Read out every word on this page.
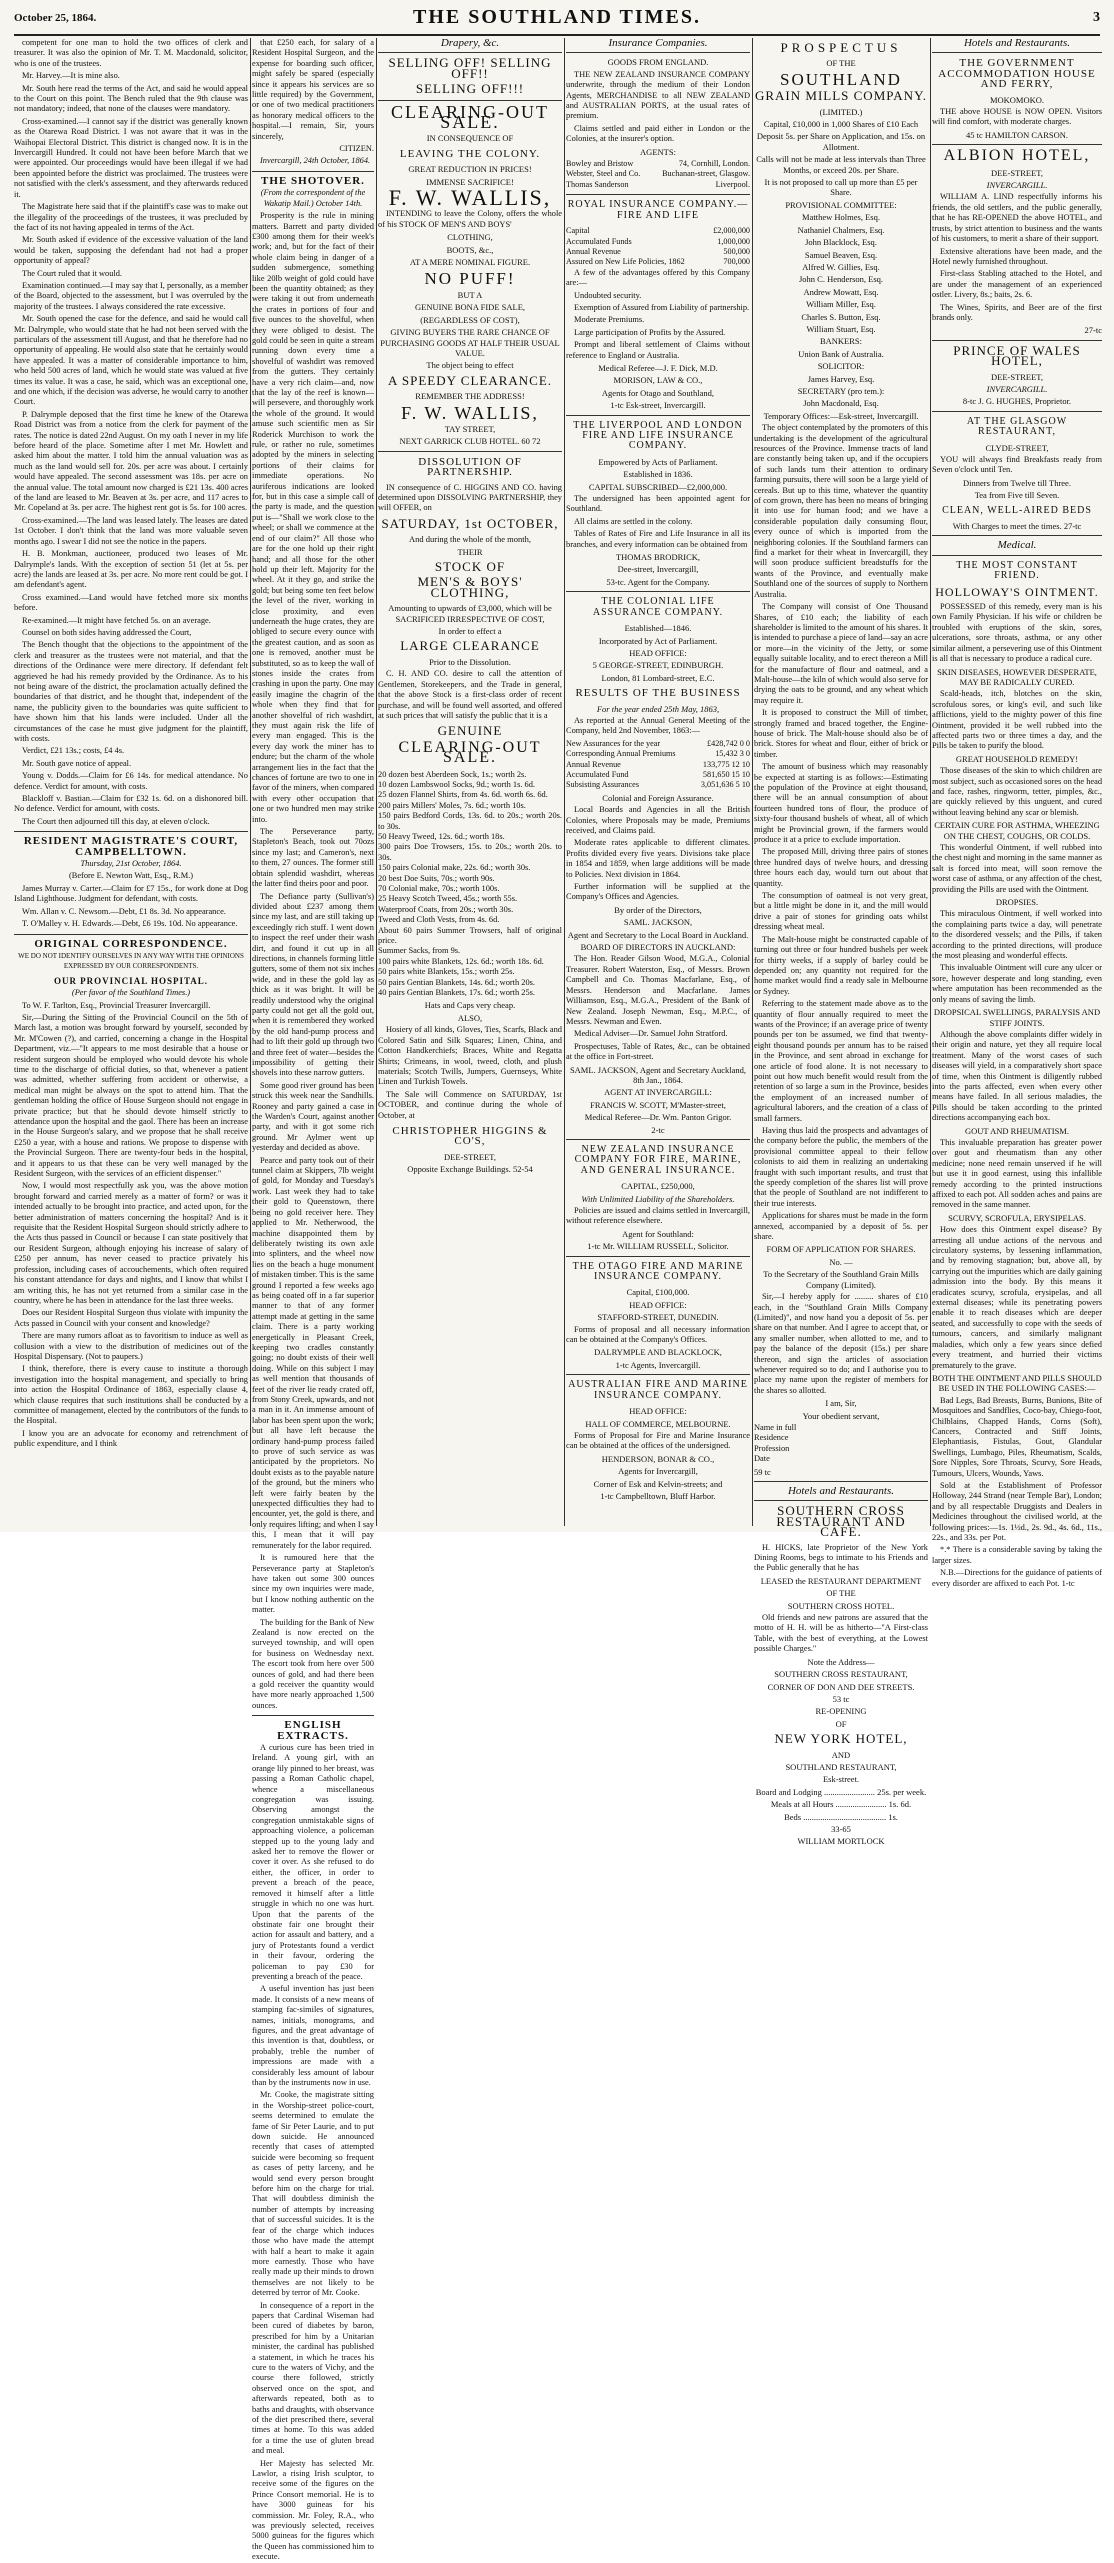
October 25, 1864.	THE SOUTHLAND TIMES.	3

competent for one man to hold the two offices of clerk and treasurer. It was also the opinion of Mr. T. M. Macdonald, solicitor, who is one of the trustees.

Mr. Harvey.—It is mine also.

Mr. South here read the terms of the Act, and said he would appeal to the Court on this point. The Bench ruled that the 9th clause was not mandatory; indeed, that none of the clauses were mandatory.

Cross-examined.—I cannot say if the district was generally known as the Otarewa Road District. I was not aware that it was in the Waihopai Electoral District. This district is changed now. It is in the Invercargill Hundred. It could not have been before March that we were appointed. Our proceedings would have been illegal if we had been appointed before the district was proclaimed. The trustees were not satisfied with the clerk's assessment, and they afterwards reduced it.

The Magistrate here said that if the plaintiff's case was to make out the illegality of the proceedings of the trustees, it was precluded by the fact of its not having appealed in terms of the Act.

Mr. South asked if evidence of the excessive valuation of the land would be taken, supposing the defendant had not had a proper opportunity of appeal?

The Court ruled that it would.

Examination continued.—I may say that I, personally, as a member of the Board, objected to the assessment, but I was overruled by the majority of the trustees. I always considered the rate excessive.

Mr. South opened the case for the defence, and said he would call Mr. Dalrymple, who would state that he had not been served with the particulars of the assessment till August, and that he therefore had no opportunity of appealing. He would also state that he certainly would have appealed. It was a matter of considerable importance to him, who held 500 acres of land, which he would state was valued at five times its value. It was a case, he said, which was an exceptional one, and one which, if the decision was adverse, he would carry to another Court.

P. Dalrymple deposed that the first time he knew of the Otarewa Road District was from a notice from the clerk for payment of the rates. The notice is dated 22nd August. On my oath I never in my life before heard of the place. Sometime after I met Mr. Howlett and asked him about the matter. I told him the annual valuation was as much as the land would sell for. 20s. per acre was about. I certainly would have appealed. The second assessment was 18s. per acre on the annual value. The total amount now charged is £21 13s. 400 acres of the land are leased to Mr. Beaven at 3s. per acre, and 117 acres to Mr. Copeland at 3s. per acre. The highest rent got is 5s. for 100 acres.

Cross-examined.—The land was leased lately. The leases are dated 1st October. I don't think that the land was more valuable seven months ago. I swear I did not see the notice in the papers.

H. B. Monkman, auctioneer, produced two leases of Mr. Dalrymple's lands. With the exception of section 51 (let at 5s. per acre) the lands are leased at 3s. per acre. No more rent could be got. I am defendant's agent.

Cross examined.—Land would have fetched more six months before.

Re-examined.—It might have fetched 5s. on an average.

Counsel on both sides having addressed the Court,

The Bench thought that the objections to the appointment of the clerk and treasurer as the trustees were not material, and that the directions of the Ordinance were mere directory. If defendant felt aggrieved he had his remedy provided by the Ordinance. As to his not being aware of the district, the proclamation actually defined the boundaries of that district, and he thought that, independent of the name, the publicity given to the boundaries was quite sufficient to have shown him that his lands were included. Under all the circumstances of the case he must give judgment for the plaintiff, with costs.

Verdict, £21 13s.; costs, £4 4s.

Mr. South gave notice of appeal.

Young v. Dodds.—Claim for £6 14s. for medical attendance. No defence. Verdict for amount, with costs.

Blackloff v. Bastian.—Claim for £32 1s. 6d. on a dishonored bill. No defence. Verdict for amount, with costs.

The Court then adjourned till this day, at eleven o'clock.

RESIDENT MAGISTRATE'S COURT, CAMPBELLTOWN.
Thursday, 21st October, 1864.
(Before E. Newton Watt, Esq., R.M.)

James Murray v. Carter.—Claim for £7 15s., for work done at Dog Island Lighthouse. Judgment for defendant, with costs.

Wm. Allan v. C. Newsom.—Debt, £1 8s. 3d. No appearance.

T. O'Malley v. H. Edwards.—Debt, £6 19s. 10d. No appearance.

ORIGINAL CORRESPONDENCE.
WE DO NOT IDENTIFY OURSELVES IN ANY WAY WITH THE OPINIONS EXPRESSED BY OUR CORRESPONDENTS.
OUR PROVINCIAL HOSPITAL.
(Per favor of the Southland Times.)

To W. F. Tarlton, Esq., Provincial Treasurer Invercargill.

Sir,—During the Sitting of the Provincial Council on the 5th of March last, a motion was brought forward by yourself, seconded by Mr. M'Cowen (?), and carried, concerning a change in the Hospital Department, viz.—"It appears to me most desirable that a house or resident surgeon should be employed who would devote his whole time to the discharge of official duties, so that, whenever a patient was admitted, whether suffering from accident or otherwise, a medical man might be always on the spot to attend him. That the gentleman holding the office of House Surgeon should not engage in private practice; but that he should devote himself strictly to attendance upon the hospital and the gaol. There has been an increase in the House Surgeon's salary, and we propose that he shall receive £250 a year, with a house and rations. We propose to dispense with the Provincial Surgeon. There are twenty-four beds in the hospital, and it appears to us that these can be very well managed by the Resident Surgeon, with the services of an efficient dispenser."

Now, I would most respectfully ask you, was the above motion brought forward and carried merely as a matter of form? or was it intended actually to be brought into practice, and acted upon, for the better administration of matters concerning the hospital? And is it requisite that the Resident Hospital Surgeon should strictly adhere to the Acts thus passed in Council or because I can state positively that our Resident Surgeon, although enjoying his increase of salary of £250 per annum, has never ceased to practice privately his profession, including cases of accouchements, which often required his constant attendance for days and nights, and I know that whilst I am writing this, he has not yet returned from a similar case in the country, where he has been in attendance for the last three weeks.

Does our Resident Hospital Surgeon thus violate with impunity the Acts passed in Council with your consent and knowledge?

There are many rumors afloat as to favoritism to induce as well as collusion with a view to the distribution of medicines out of the Hospital Dispensary. (Not to paupers.)

I think, therefore, there is every cause to institute a thorough investigation into the hospital management, and specially to bring into action the Hospital Ordinance of 1863, especially clause 4, which clause requires that such institutions shall be conducted by a committee of management, elected by the contributors of the funds to the Hospital.

I know you are an advocate for economy and retrenchment of public expenditure, and I think

that £250 each, for salary of a Resident Hospital Surgeon, and the expense for boarding such officer, might safely be spared (especially since it appears his services are so little required) by the Government, or one of two medical practitioners as honorary medical officers to the hospital.—I remain, Sir, yours sincerely,

CITIZEN.

Invercargill, 24th October, 1864.

THE SHOTOVER.
(From the correspondent of the Wakatip Mail.) October 14th.

Prosperity is the rule in mining matters. Barrett and party divided £300 among them for their week's work; and, but for the fact of their whole claim being in danger of a sudden submergence, something like 20lb weight of gold could have been the quantity obtained; as they were taking it out from underneath the crates in portions of four and five ounces to the shovelful, when they were obliged to desist. The gold could be seen in quite a stream running down every time a shovelful of washdirt was removed from the gutters. They certainly have a very rich claim—and, now that the lay of the reef is known—will persevere, and thoroughly work the whole of the ground. It would amuse such scientific men as Sir Roderick Murchison to work the rule, or rather no rule, sometimes adopted by the miners in selecting portions of their claims for immediate operations. No auriferous indications are looked for, but in this case a simple call of the party is made, and the question put is—"Shall we work close to the wheel; or shall we commence at the end of our claim?" All those who are for the one hold up their right hand; and all those for the other hold up their left. Majority for the wheel. At it they go, and strike the gold; but being some ten feet below the level of the river, working in close proximity, and even underneath the huge crates, they are obliged to secure every ounce with the greatest caution, and as soon as one is removed, another must be substituted, so as to keep the wall of stones inside the crates from crashing in upon the party. One may easily imagine the chagrin of the whole when they find that for another shovelful of rich washdirt, they must again risk the life of every man engaged. This is the every day work the miner has to endure; but the charm of the whole arrangement lies in the fact that the chances of fortune are two to one in favor of the miners, when compared with every other occupation that one or two hundred men may strike into.

The Perseverance party, Stapleton's Beach, took out 70ozs since my last; and Cameron's, next to them, 27 ounces. The former still obtain splendid washdirt, whereas the latter find theirs poor and poor.

The Defiance party (Sullivan's) divided about £237 among them since my last, and are still taking up exceedingly rich stuff. I went down to inspect the reef under their wash dirt, and found it cut up in all directions, in channels forming little gutters, some of them not six inches wide, and in these the gold lay as thick as it was bright. It will be readily understood why the original party could not get all the gold out, when it is remembered they worked by the old hand-pump process and had to lift their gold up through two and three feet of water—besides the impossibility of getting their shovels into these narrow gutters.

Some good river ground has been struck this week near the Sandhills. Rooney and party gained a case in the Warden's Court, against another party, and with it got some rich ground. Mr Aylmer went up yesterday and decided as above.

Pearce and party took out of their tunnel claim at Skippers, 7lb weight of gold, for Monday and Tuesday's work. Last week they had to take their gold to Queenstown, there being no gold receiver here. They applied to Mr. Netherwood, the machine disappointed them by deliberately twisting its own axle into splinters, and the wheel now lies on the beach a huge monument of mistaken timber. This is the same ground I reported a few weeks ago as being coated off in a far superior manner to that of any former attempt made at getting in the same claim. There is a party working energetically in Pleasant Creek, keeping two cradles constantly going; no doubt exists of their well doing. While on this subject I may as well mention that thousands of feet of the river lie ready crated off, from Stony Creek, upwards, and not a man in it. An immense amount of labor has been spent upon the work; but all have left because the ordinary hand-pump process failed to prove of such service as was anticipated by the proprietors. No doubt exists as to the payable nature of the ground, but the miners who left were fairly beaten by the unexpected difficulties they had to encounter, yet, the gold is there, and only requires lifting; and when I say this, I mean that it will pay remunerately for the labor required.

It is rumoured here that the Perseverance party at Stapleton's have taken out some 300 ounces since my own inquiries were made, but I know nothing authentic on the matter.

The building for the Bank of New Zealand is now erected on the surveyed township, and will open for business on Wednesday next. The escort took from here over 500 ounces of gold, and had there been a gold receiver the quantity would have more nearly approached 1,500 ounces.

ENGLISH EXTRACTS.

A curious cure has been tried in Ireland. A young girl, with an orange lily pinned to her breast, was passing a Roman Catholic chapel, whence a miscellaneous congregation was issuing. Observing amongst the congregation unmistakable signs of approaching violence, a policeman stepped up to the young lady and asked her to remove the flower or cover it over. As she refused to do either, the officer, in order to prevent a breach of the peace, removed it himself after a little struggle in which no one was hurt. Upon that the parents of the obstinate fair one brought their action for assault and battery, and a jury of Protestants found a verdict in their favour, ordering the policeman to pay £30 for preventing a breach of the peace.

A useful invention has just been made. It consists of a new means of stamping fac-similes of signatures, names, initials, monograms, and figures, and the great advantage of this invention is that, doubtless, or probably, treble the number of impressions are made with a considerably less amount of labour than by the instruments now in use.

Mr. Cooke, the magistrate sitting in the Worship-street police-court, seems determined to emulate the fame of Sir Peter Laurie, and to put down suicide. He announced recently that cases of attempted suicide were becoming so frequent as cases of petty larceny, and he would send every person brought before him on the charge for trial. That will doubtless diminish the number of attempts by increasing that of successful suicides. It is the fear of the charge which induces those who have made the attempt with half a heart to make it again more earnestly. Those who have really made up their minds to drown themselves are not likely to be deterred by terror of Mr. Cooke.

In consequence of a report in the papers that Cardinal Wiseman had been cured of diabetes by baron, prescribed for him by a Unitarian minister, the cardinal has published a statement, in which he traces his cure to the waters of Vichy, and the course there followed, strictly observed once on the spot, and afterwards repeated, both as to baths and draughts, with observance of the diet prescribed there, several times at home. To this was added for a time the use of gluten bread and meal.

Her Majesty has selected Mr. Lawlor, a rising Irish sculptor, to receive some of the figures on the Prince Consort memorial. He is to have 3000 guineas for his commission. Mr. Foley, R.A., who was previously selected, receives 5000 guineas for the figures which the Queen has commissioned him to execute.

Drapery, &c.
SELLING OFF! SELLING OFF!!
SELLING OFF!!!
CLEARING-OUT SALE.
IN CONSEQUENCE OF
LEAVING THE COLONY.
GREAT REDUCTION IN PRICES!
IMMENSE SACRIFICE!
F. W. WALLIS,

INTENDING to leave the Colony, offers the whole of his STOCK OF MEN'S AND BOYS'

CLOTHING,
BOOTS, &c.,
AT A MERE NOMINAL FIGURE.
NO PUFF!
BUT A
GENUINE BONA FIDE SALE,
(REGARDLESS OF COST),
GIVING BUYERS THE RARE CHANCE OF PURCHASING GOODS AT HALF THEIR USUAL VALUE.
The object being to effect
A SPEEDY CLEARANCE.
REMEMBER THE ADDRESS!
F. W. WALLIS,
TAY STREET,
NEXT GARRICK CLUB HOTEL. 60 72
DISSOLUTION OF PARTNERSHIP.

IN consequence of C. HIGGINS AND CO. having determined upon DISSOLVING PARTNERSHIP, they will OFFER, on

SATURDAY, 1st OCTOBER,
And during the whole of the month,
THEIR
STOCK OF
MEN'S & BOYS' CLOTHING,
Amounting to upwards of £3,000, which will be SACRIFICED IRRESPECTIVE OF COST,
In order to effect a
LARGE CLEARANCE
Prior to the Dissolution.

C. H. AND CO. desire to call the attention of Gentlemen, Storekeepers, and the Trade in general, that the above Stock is a first-class order of recent purchase, and will be found well assorted, and offered at such prices that will satisfy the public that it is a

GENUINE
CLEARING-OUT SALE.
20 dozen best Aberdeen Sock, 1s.; worth 2s.
10 dozen Lambswool Socks, 9d.; worth 1s. 6d.
25 dozen Flannel Shirts, from 4s. 6d. worth 6s. 6d.
200 pairs Millers' Moles, 7s. 6d.; worth 10s.
150 pairs Bedford Cords, 13s. 6d. to 20s.; worth 20s. to 30s.
50 Heavy Tweed, 12s. 6d.; worth 18s.
300 pairs Doe Trowsers, 15s. to 20s.; worth 20s. to 30s.
150 pairs Colonial make, 22s. 6d.; worth 30s.
20 best Doe Suits, 70s.; worth 90s.
70 Colonial make, 70s.; worth 100s.
25 Heavy Scotch Tweed, 45s.; worth 55s.
Waterproof Coats, from 20s.; worth 30s.
Tweed and Cloth Vests, from 4s. 6d.
About 60 pairs Summer Trowsers, half of original price.
Summer Sacks, from 9s.
100 pairs white Blankets, 12s. 6d.; worth 18s. 6d.
50 pairs white Blankets, 15s.; worth 25s.
50 pairs Gentian Blankets, 14s. 6d.; worth 20s.
40 pairs Gentian Blankets, 17s. 6d.; worth 25s.
Hats and Caps very cheap.
ALSO,

Hosiery of all kinds, Gloves, Ties, Scarfs, Black and Colored Satin and Silk Squares; Linen, China, and Cotton Handkerchiefs; Braces, White and Regatta Shirts; Crimeans, in wool, tweed, cloth, and plush materials; Scotch Twills, Jumpers, Guernseys, White Linen and Turkish Towels.

The Sale will Commence on SATURDAY, 1st OCTOBER, and continue during the whole of October, at

CHRISTOPHER HIGGINS & CO'S,
DEE-STREET,
Opposite Exchange Buildings. 52-54
Insurance Companies.
GOODS FROM ENGLAND.

THE NEW ZEALAND INSURANCE COMPANY underwrite, through the medium of their London Agents, MERCHANDISE to all NEW ZEALAND and AUSTRALIAN PORTS, at the usual rates of premium.

Claims settled and paid either in London or the Colonies, at the insurer's option.

AGENTS:
Bowley and Bristow	74, Cornhill, London.
Webster, Steel and Co.	Buchanan-street, Glasgow.
Thomas Sanderson	Liverpool.
ROYAL INSURANCE COMPANY.—FIRE AND LIFE
Capital	£2,000,000
Accumulated Funds	1,000,000
Annual Revenue	500,000
Assured on New Life Policies, 1862	700,000

A few of the advantages offered by this Company are:—

Undoubted security.

Exemption of Assured from Liability of partnership.

Moderate Premiums.

Large participation of Profits by the Assured.

Prompt and liberal settlement of Claims without reference to England or Australia.

Medical Referee—J. F. Dick, M.D.
MORISON, LAW & CO.,
Agents for Otago and Southland,
1-tc Esk-street, Invercargill.
THE LIVERPOOL AND LONDON FIRE AND LIFE INSURANCE COMPANY.
Empowered by Acts of Parliament.
Established in 1836.
CAPITAL SUBSCRIBED—£2,000,000.

The undersigned has been appointed agent for Southland.

All claims are settled in the colony.

Tables of Rates of Fire and Life Insurance in all its branches, and every information can be obtained from

THOMAS BRODRICK,
Dee-street, Invercargill,
53-tc. Agent for the Company.
THE COLONIAL LIFE ASSURANCE COMPANY.
Established—1846.
Incorporated by Act of Parliament.
HEAD OFFICE:
5 GEORGE-STREET, EDINBURGH.
London, 81 Lombard-street, E.C.
RESULTS OF THE BUSINESS
For the year ended 25th May, 1863,

As reported at the Annual General Meeting of the Company, held 2nd November, 1863:—

New Assurances for the year	£428,742 0 0
Corresponding Annual Premiums	15,432 3 0
Annual Revenue	133,775 12 10
Accumulated Fund	581,650 15 10
Subsisting Assurances	3,051,636 5 10
Colonial and Foreign Assurance.

Local Boards and Agencies in all the British Colonies, where Proposals may be made, Premiums received, and Claims paid.

Moderate rates applicable to different climates. Profits divided every five years. Divisions take place in 1854 and 1859, when large additions will be made to Policies. Next division in 1864.

Further information will be supplied at the Company's Offices and Agencies.

By order of the Directors,
SAML. JACKSON,
Agent and Secretary to the Local Board in Auckland.
BOARD OF DIRECTORS IN AUCKLAND:

The Hon. Reader Gilson Wood, M.G.A., Colonial Treasurer. Robert Waterston, Esq., of Messrs. Brown Campbell and Co. Thomas Macfarlane, Esq., of Messrs. Henderson and Macfarlane. James Williamson, Esq., M.G.A., President of the Bank of New Zealand. Joseph Newman, Esq., M.P.C., of Messrs. Newman and Ewen.

Medical Adviser—Dr. Samuel John Stratford.

Prospectuses, Table of Rates, &c., can be obtained at the office in Fort-street.

SAML. JACKSON, Agent and Secretary Auckland, 8th Jan., 1864.
AGENT AT INVERCARGILL:
FRANCIS W. SCOTT, M'Master-street,
Medical Referee—Dr. Wm. Panton Grigor.
2-tc
NEW ZEALAND INSURANCE COMPANY FOR FIRE, MARINE, AND GENERAL INSURANCE.
CAPITAL, £250,000,
With Unlimited Liability of the Shareholders.

Policies are issued and claims settled in Invercargill, without reference elsewhere.

Agent for Southland:
1-tc Mr. WILLIAM RUSSELL, Solicitor.
THE OTAGO FIRE AND MARINE INSURANCE COMPANY.
Capital, £100,000.
HEAD OFFICE:
STAFFORD-STREET, DUNEDIN.

Forms of proposal and all necessary information can be obtained at the Company's Offices.

DALRYMPLE AND BLACKLOCK,
1-tc Agents, Invercargill.
AUSTRALIAN FIRE AND MARINE INSURANCE COMPANY.
HEAD OFFICE:
HALL OF COMMERCE, MELBOURNE.

Forms of Proposal for Fire and Marine Insurance can be obtained at the offices of the undersigned.

HENDERSON, BONAR & CO.,
Agents for Invercargill,
Corner of Esk and Kelvin-streets; and
1-tc Campbelltown, Bluff Harbor.
PROSPECTUS
OF THE
SOUTHLAND
GRAIN MILLS COMPANY.
(LIMITED.)
Capital, £10,000 in 1,000 Shares of £10 Each
Deposit 5s. per Share on Application, and 15s. on Allotment.
Calls will not be made at less intervals than Three Months, or exceed 20s. per Share.
It is not proposed to call up more than £5 per Share.
PROVISIONAL COMMITTEE:
Matthew Holmes, Esq.
Nathaniel Chalmers, Esq.
John Blacklock, Esq.
Samuel Beaven, Esq.
Alfred W. Gillies, Esq.
John C. Henderson, Esq.
Andrew Mowatt, Esq.
William Miller, Esq.
Charles S. Button, Esq.
William Stuart, Esq.
BANKERS:
Union Bank of Australia.
SOLICITOR:
James Harvey, Esq.
SECRETARY (pro tem.):
John Macdonald, Esq.
Temporary Offices:—Esk-street, Invercargill.

The object contemplated by the promoters of this undertaking is the development of the agricultural resources of the Province. Immense tracts of land are constantly being taken up, and if the occupiers of such lands turn their attention to ordinary farming pursuits, there will soon be a large yield of cereals. But up to this time, whatever the quantity of corn grown, there has been no means of bringing it into use for human food; and we have a considerable population daily consuming flour, every ounce of which is imported from the neighboring colonies. If the Southland farmers can find a market for their wheat in Invercargill, they will soon produce sufficient breadstuffs for the wants of the Province, and eventually make Southland one of the sources of supply to Northern Australia.

The Company will consist of One Thousand Shares, of £10 each; the liability of each shareholder is limited to the amount of his shares. It is intended to purchase a piece of land—say an acre or more—in the vicinity of the Jetty, or some equally suitable locality, and to erect thereon a Mill for the manufacture of flour and oatmeal, and a Malt-house—the kiln of which would also serve for drying the oats to be ground, and any wheat which may require it.

It is proposed to construct the Mill of timber, strongly framed and braced together, the Engine-house of brick. The Malt-house should also be of brick. Stores for wheat and flour, either of brick or timber.

The amount of business which may reasonably be expected at starting is as follows:—Estimating the population of the Province at eight thousand, there will be an annual consumption of about fourteen hundred tons of flour, the produce of sixty-four thousand bushels of wheat, all of which might be Provincial grown, if the farmers would produce it at a price to exclude importation.

The proposed Mill, driving three pairs of stones three hundred days of twelve hours, and dressing three hours each day, would turn out about that quantity.

The consumption of oatmeal is not very great, but a little might be done in it, and the mill would drive a pair of stones for grinding oats whilst dressing wheat meal.

The Malt-house might be constructed capable of turning out three or four hundred bushels per week for thirty weeks, if a supply of barley could be depended on; any quantity not required for the home market would find a ready sale in Melbourne or Sydney.

Referring to the statement made above as to the quantity of flour annually required to meet the wants of the Province; if an average price of twenty pounds per ton be assumed, we find that twenty-eight thousand pounds per annum has to be raised in the Province, and sent abroad in exchange for one article of food alone. It is not necessary to point out how much benefit would result from the retention of so large a sum in the Province, besides the employment of an increased number of agricultural laborers, and the creation of a class of small farmers.

Having thus laid the prospects and advantages of the company before the public, the members of the provisional committee appeal to their fellow colonists to aid them in realizing an undertaking fraught with such important results, and trust that the speedy completion of the shares list will prove that the people of Southland are not indifferent to their true interests.

Applications for shares must be made in the form annexed, accompanied by a deposit of 5s. per share.

FORM OF APPLICATION FOR SHARES.
No. —
To the Secretary of the Southland Grain Mills Company (Limited).

Sir,—I hereby apply for ......... shares of £10 each, in the "Southland Grain Mills Company (Limited)", and now hand you a deposit of 5s. per share on that number. And I agree to accept that, or any smaller number, when allotted to me, and to pay the balance of the deposit (15s.) per share thereon, and sign the articles of association whenever required so to do; and I authorise you to place my name upon the register of members for the shares so allotted.

I am, Sir,
Your obedient servant,
Name in full
Residence
Profession
Date
59 tc
Hotels and Restaurants.
SOUTHERN CROSS RESTAURANT AND CAFE.

H. HICKS, late Proprietor of the New York Dining Rooms, begs to intimate to his Friends and the Public generally that he has

LEASED the RESTAURANT DEPARTMENT
OF THE
SOUTHERN CROSS HOTEL.

Old friends and new patrons are assured that the motto of H. H. will be as hitherto—"A First-class Table, with the best of everything, at the Lowest possible Charges."

Note the Address—
SOUTHERN CROSS RESTAURANT,
CORNER OF DON AND DEE STREETS.
53 tc
RE-OPENING
OF
NEW YORK HOTEL,
AND
SOUTHLAND RESTAURANT,
Esk-street.
Board and Lodging ........................ 25s. per week.
Meals at all Hours ........................ 1s. 6d.
Beds ....................................... 1s.
33-65
WILLIAM MORTLOCK
Hotels and Restaurants.
THE GOVERNMENT ACCOMMODATION HOUSE AND FERRY,
MOKOMOKO.

THE above HOUSE is NOW OPEN. Visitors will find comfort, with moderate charges.

45 tc HAMILTON CARSON.
ALBION HOTEL,
DEE-STREET,
INVERCARGILL.

WILLIAM A. LIND respectfully informs his friends, the old settlers, and the public generally, that he has RE-OPENED the above HOTEL, and trusts, by strict attention to business and the wants of his customers, to merit a share of their support.

Extensive alterations have been made, and the Hotel newly furnished throughout.

First-class Stabling attached to the Hotel, and are under the management of an experienced ostler. Livery, 8s.; baits, 2s. 6.

The Wines, Spirits, and Beer are of the first brands only.

27-tc
PRINCE OF WALES HOTEL,
DEE-STREET,
INVERCARGILL.
8-tc J. G. HUGHES, Proprietor.
AT THE GLASGOW RESTAURANT,
CLYDE-STREET,

YOU will always find Breakfasts ready from Seven o'clock until Ten.

Dinners from Twelve till Three.
Tea from Five till Seven.
CLEAN, WELL-AIRED BEDS
With Charges to meet the times. 27-tc
Medical.
THE MOST CONSTANT FRIEND.
HOLLOWAY'S OINTMENT.

POSSESSED of this remedy, every man is his own Family Physician. If his wife or children be troubled with eruptions of the skin, sores, ulcerations, sore throats, asthma, or any other similar ailment, a persevering use of this Ointment is all that is necessary to produce a radical cure.

SKIN DISEASES, HOWEVER DESPERATE, MAY BE RADICALLY CURED.

Scald-heads, itch, blotches on the skin, scrofulous sores, or king's evil, and such like afflictions, yield to the mighty power of this fine Ointment, provided it be well rubbed into the affected parts two or three times a day, and the Pills be taken to purify the blood.

GREAT HOUSEHOLD REMEDY!

Those diseases of the skin to which children are most subject, such as occasioned sores on the head and face, rashes, ringworm, tetter, pimples, &c., are quickly relieved by this unguent, and cured without leaving behind any scar or blemish.

CERTAIN CURE FOR ASTHMA, WHEEZING ON THE CHEST, COUGHS, OR COLDS.

This wonderful Ointment, if well rubbed into the chest night and morning in the same manner as salt is forced into meat, will soon remove the worst case of asthma, or any affection of the chest, providing the Pills are used with the Ointment.

DROPSIES.

This miraculous Ointment, if well worked into the complaining parts twice a day, will penetrate to the disordered vessels; and the Pills, if taken according to the printed directions, will produce the most pleasing and wonderful effects.

This invaluable Ointment will cure any ulcer or sore, however desperate and long standing, even where amputation has been recommended as the only means of saving the limb.

DROPSICAL SWELLINGS, PARALYSIS AND STIFF JOINTS.

Although the above complaints differ widely in their origin and nature, yet they all require local treatment. Many of the worst cases of such diseases will yield, in a comparatively short space of time, when this Ointment is diligently rubbed into the parts affected, even when every other means have failed. In all serious maladies, the Pills should be taken according to the printed directions accompanying each box.

GOUT AND RHEUMATISM.

This invaluable preparation has greater power over gout and rheumatism than any other medicine; none need remain unserved if he will but use it in good earnest, using this infallible remedy according to the printed instructions affixed to each pot. All sodden aches and pains are removed in the same manner.

SCURVY, SCROFULA, ERYSIPELAS.

How does this Ointment expel disease? By arresting all undue actions of the nervous and circulatory systems, by lessening inflammation, and by removing stagnation; but, above all, by carrying out the impurities which are daily gaining admission into the body. By this means it eradicates scurvy, scrofula, erysipelas, and all external diseases; while its penetrating powers enable it to reach diseases which are deeper seated, and successfully to cope with the seeds of tumours, cancers, and similarly malignant maladies, which only a few years since defied every treatment, and hurried their victims prematurely to the grave.

BOTH THE OINTMENT AND PILLS SHOULD BE USED IN THE FOLLOWING CASES:—

Bad Legs, Bad Breasts, Burns, Bunions, Bite of Mosquitoes and Sandflies, Coco-bay, Chiego-foot, Chilblains, Chapped Hands, Corns (Soft), Cancers, Contracted and Stiff Joints, Elephantiasis, Fistulas, Gout, Glandular Swellings, Lumbago, Piles, Rheumatism, Scalds, Sore Nipples, Sore Throats, Scurvy, Sore Heads, Tumours, Ulcers, Wounds, Yaws.

Sold at the Establishment of Professor Holloway, 244 Strand (near Temple Bar), London; and by all respectable Druggists and Dealers in Medicines throughout the civilised world, at the following prices:—1s. 1½d., 2s. 9d., 4s. 6d., 11s., 22s., and 33s. per Pot.

*.* There is a considerable saving by taking the larger sizes.

N.B.—Directions for the guidance of patients of every disorder are affixed to each Pot. 1-tc
